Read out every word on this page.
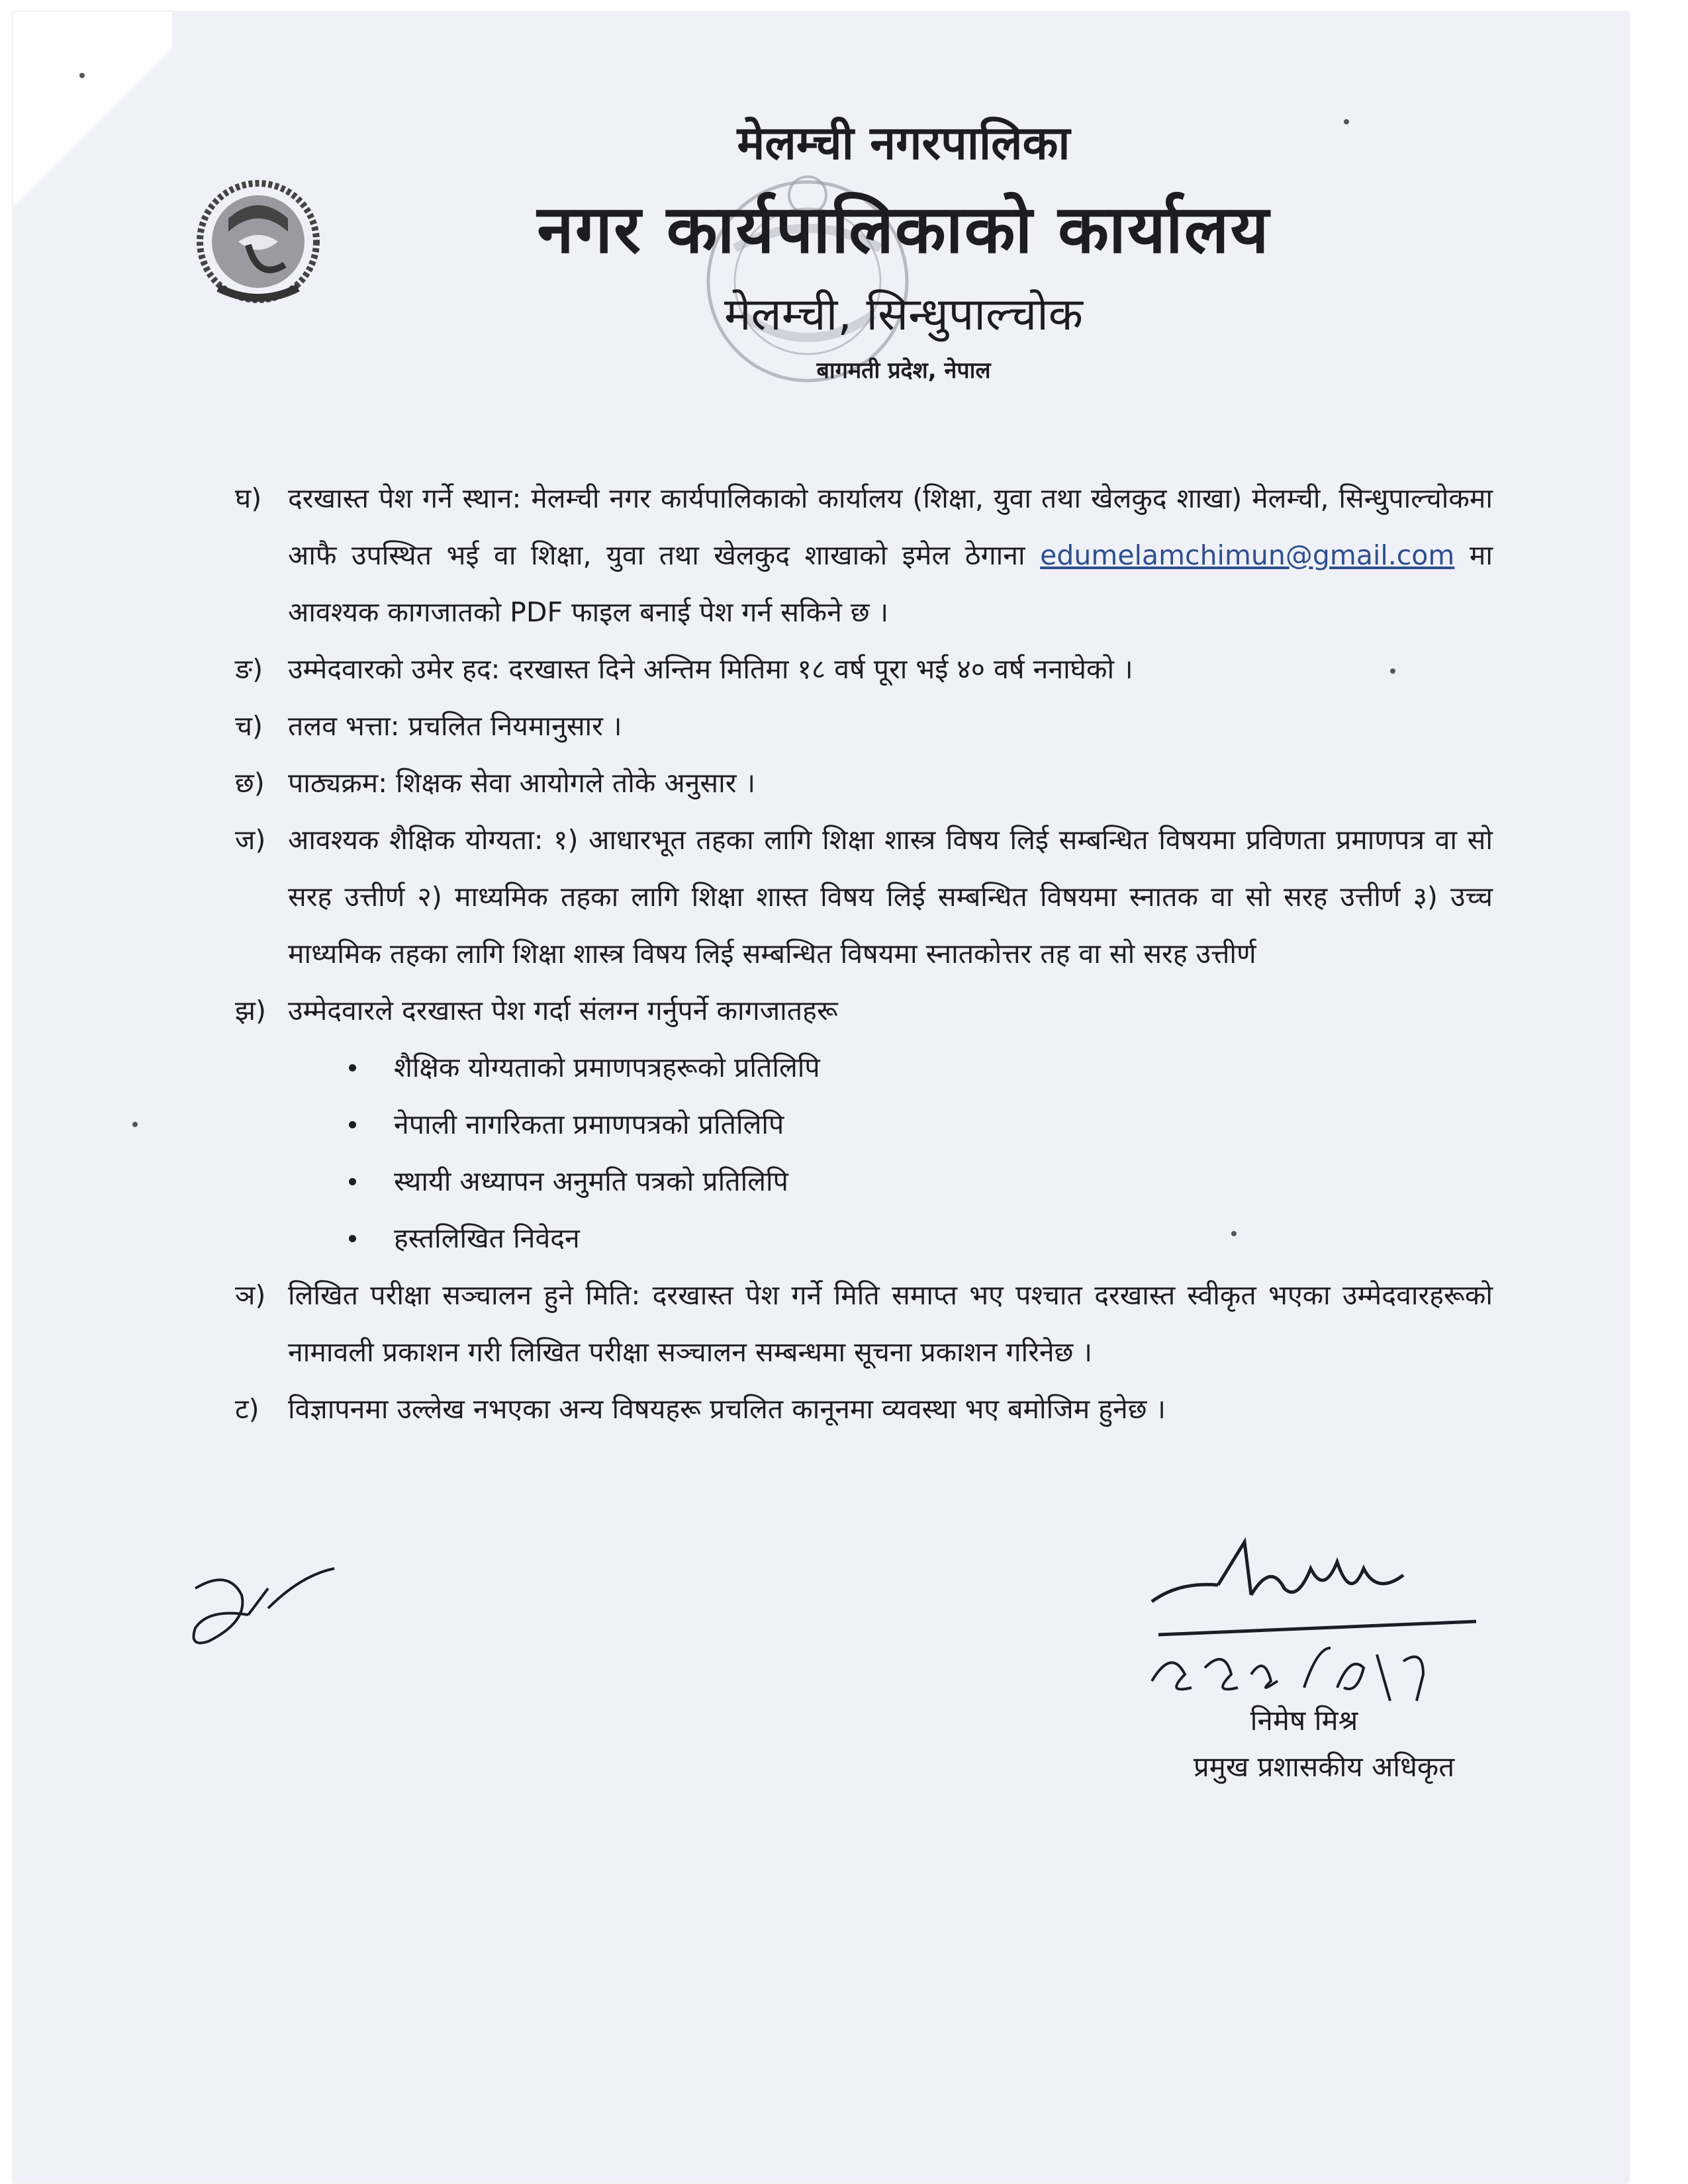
मेलम्ची नगरपालिका
नगर कार्यपालिकाको कार्यालय
मेलम्ची, सिन्धुपाल्चोक
बागमती प्रदेश, नेपाल
घ) दरखास्त पेश गर्ने स्थान: मेलम्ची नगर कार्यपालिकाको कार्यालय (शिक्षा, युवा तथा खेलकुद शाखा) मेलम्ची, सिन्धुपाल्चोकमा आफै उपस्थित भई वा शिक्षा, युवा तथा खेलकुद शाखाको इमेल ठेगाना edumelamchimun@gmail.com मा आवश्यक कागजातको PDF फाइल बनाई पेश गर्न सकिने छ ।
ङ) उम्मेदवारको उमेर हद: दरखास्त दिने अन्तिम मितिमा १८ वर्ष पूरा भई ४० वर्ष ननाघेको ।
च) तलव भत्ता: प्रचलित नियमानुसार ।
छ) पाठ्यक्रम: शिक्षक सेवा आयोगले तोके अनुसार ।
ज) आवश्यक शैक्षिक योग्यता: १) आधारभूत तहका लागि शिक्षा शास्त्र विषय लिई सम्बन्धित विषयमा प्रविणता प्रमाणपत्र वा सो सरह उत्तीर्ण २) माध्यमिक तहका लागि शिक्षा शास्त विषय लिई सम्बन्धित विषयमा स्नातक वा सो सरह उत्तीर्ण ३) उच्च माध्यमिक तहका लागि शिक्षा शास्त्र विषय लिई सम्बन्धित विषयमा स्नातकोत्तर तह वा सो सरह उत्तीर्ण
झ) उम्मेदवारले दरखास्त पेश गर्दा संलग्न गर्नुपर्ने कागजातहरू
शैक्षिक योग्यताको प्रमाणपत्रहरूको प्रतिलिपि
नेपाली नागरिकता प्रमाणपत्रको प्रतिलिपि
स्थायी अध्यापन अनुमति पत्रको प्रतिलिपि
हस्तलिखित निवेदन
ञ) लिखित परीक्षा सञ्चालन हुने मिति: दरखास्त पेश गर्ने मिति समाप्त भए पश्चात दरखास्त स्वीकृत भएका उम्मेदवारहरूको नामावली प्रकाशन गरी लिखित परीक्षा सञ्चालन सम्बन्धमा सूचना प्रकाशन गरिनेछ ।
ट)	विज्ञापनमा उल्लेख नभएका अन्य विषयहरू प्रचलित कानूनमा व्यवस्था भए बमोजिम हुनेछ ।
निमेष मिश्र
प्रमुख प्रशासकीय अधिकृत
